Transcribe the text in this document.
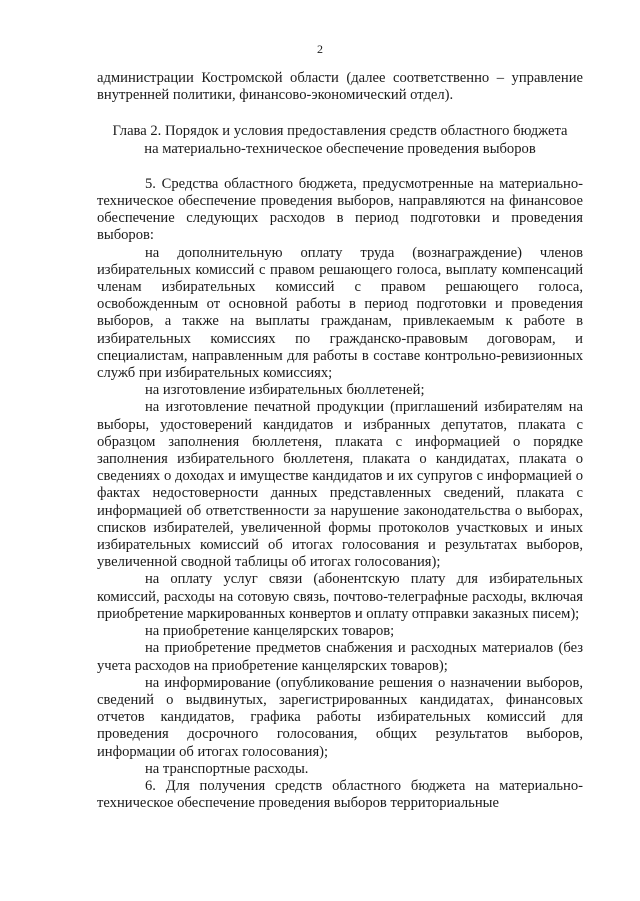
2

администрации Костромской области (далее соответственно – управление внутренней политики, финансово-экономический отдел).

Глава 2. Порядок и условия предоставления средств областного бюджета

на материально-техническое обеспечение проведения выборов

5. Средства областного бюджета, предусмотренные на материально-техническое обеспечение проведения выборов, направляются на финансовое обеспечение следующих расходов в период подготовки и проведения выборов:

на дополнительную оплату труда (вознаграждение) членов избирательных комиссий с правом решающего голоса, выплату компенсаций членам избирательных комиссий с правом решающего голоса, освобожденным от основной работы в период подготовки и проведения выборов, а также на выплаты гражданам, привлекаемым к работе в избирательных комиссиях по гражданско-правовым договорам, и специалистам, направленным для работы в составе контрольно-ревизионных служб при избирательных комиссиях;

на изготовление избирательных бюллетеней;

на изготовление печатной продукции (приглашений избирателям на выборы, удостоверений кандидатов и избранных депутатов, плаката с образцом заполнения бюллетеня, плаката с информацией о порядке заполнения избирательного бюллетеня, плаката о кандидатах, плаката о сведениях о доходах и имуществе кандидатов и их супругов с информацией о фактах недостоверности данных представленных сведений, плаката с информацией об ответственности за нарушение законодательства о выборах, списков избирателей, увеличенной формы протоколов участковых и иных избирательных комиссий об итогах голосования и результатах выборов, увеличенной сводной таблицы об итогах голосования);

на оплату услуг связи (абонентскую плату для избирательных комиссий, расходы на сотовую связь, почтово-телеграфные расходы, включая приобретение маркированных конвертов и оплату отправки заказных писем);

на приобретение канцелярских товаров;

на приобретение предметов снабжения и расходных материалов (без учета расходов на приобретение канцелярских товаров);

на информирование (опубликование решения о назначении выборов, сведений о выдвинутых, зарегистрированных кандидатах, финансовых отчетов кандидатов, графика работы избирательных комиссий для проведения досрочного голосования, общих результатов выборов, информации об итогах голосования);

на транспортные расходы.

6. Для получения средств областного бюджета на материально-техническое обеспечение проведения выборов территориальные
